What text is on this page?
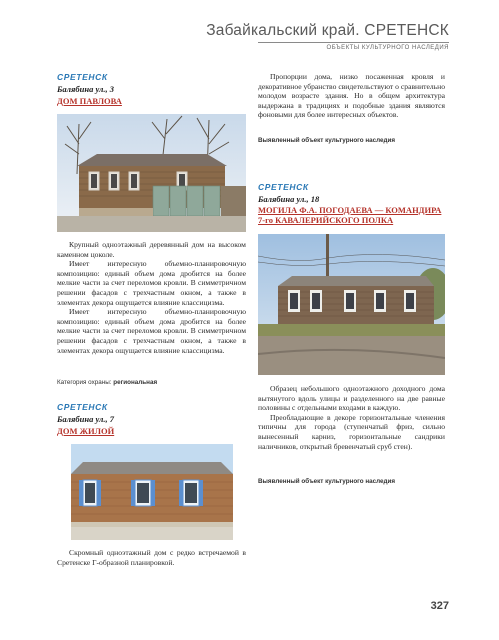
Забайкальский край. СРЕТЕНСК
ОБЪЕКТЫ КУЛЬТУРНОГО НАСЛЕДИЯ
СРЕТЕНСК
Балябина ул., 3
ДОМ ПАВЛОВА

Крупный одноэтажный деревянный дом на высоком каменном цоколе.

Имеет интересную объемно-планировочную композицию: единый объем дома дробится на более мелкие части за счет переломов кровли. В симметричном решении фасадов с трехчастным окном, а также в элементах декора ощущается влияние классицизма.

Имеет интересную объемно-планировочную композицию: единый объем дома дробится на более мелкие части за счет переломов кровли. В симметричном решении фасадов с трехчастным окном, а также в элементах декора ощущается влияние классицизма.

Категория охраны: региональная
СРЕТЕНСК
Балябина ул., 7
ДОМ ЖИЛОЙ

Скромный одноэтажный дом с редко встречаемой в Сретенске Г-образной планировкой.

Пропорции дома, низко посаженная кровля и декоративное убранство свидетельствуют о сравнительно молодом возрасте здания. Но в общем архитектура выдержана в традициях и подобные здания являются фоновыми для более интересных объектов.

Выявленный объект культурного наследия
СРЕТЕНСК
Балябина ул., 18
МОГИЛА Ф.А. ПОГОДАЕВА — КОМАНДИРА
7-го КАВАЛЕРИЙСКОГО ПОЛКА

Образец небольшого одноэтажного доходного дома вытянутого вдоль улицы и разделенного на две равные половины с отдельными входами в каждую.

Преобладающие в декоре горизонтальные членения типичны для города (ступенчатый фриз, сильно вынесенный карниз, горизонтальные сандрики наличников, открытый бревенчатый сруб стен).

Выявленный объект культурного наследия
327
